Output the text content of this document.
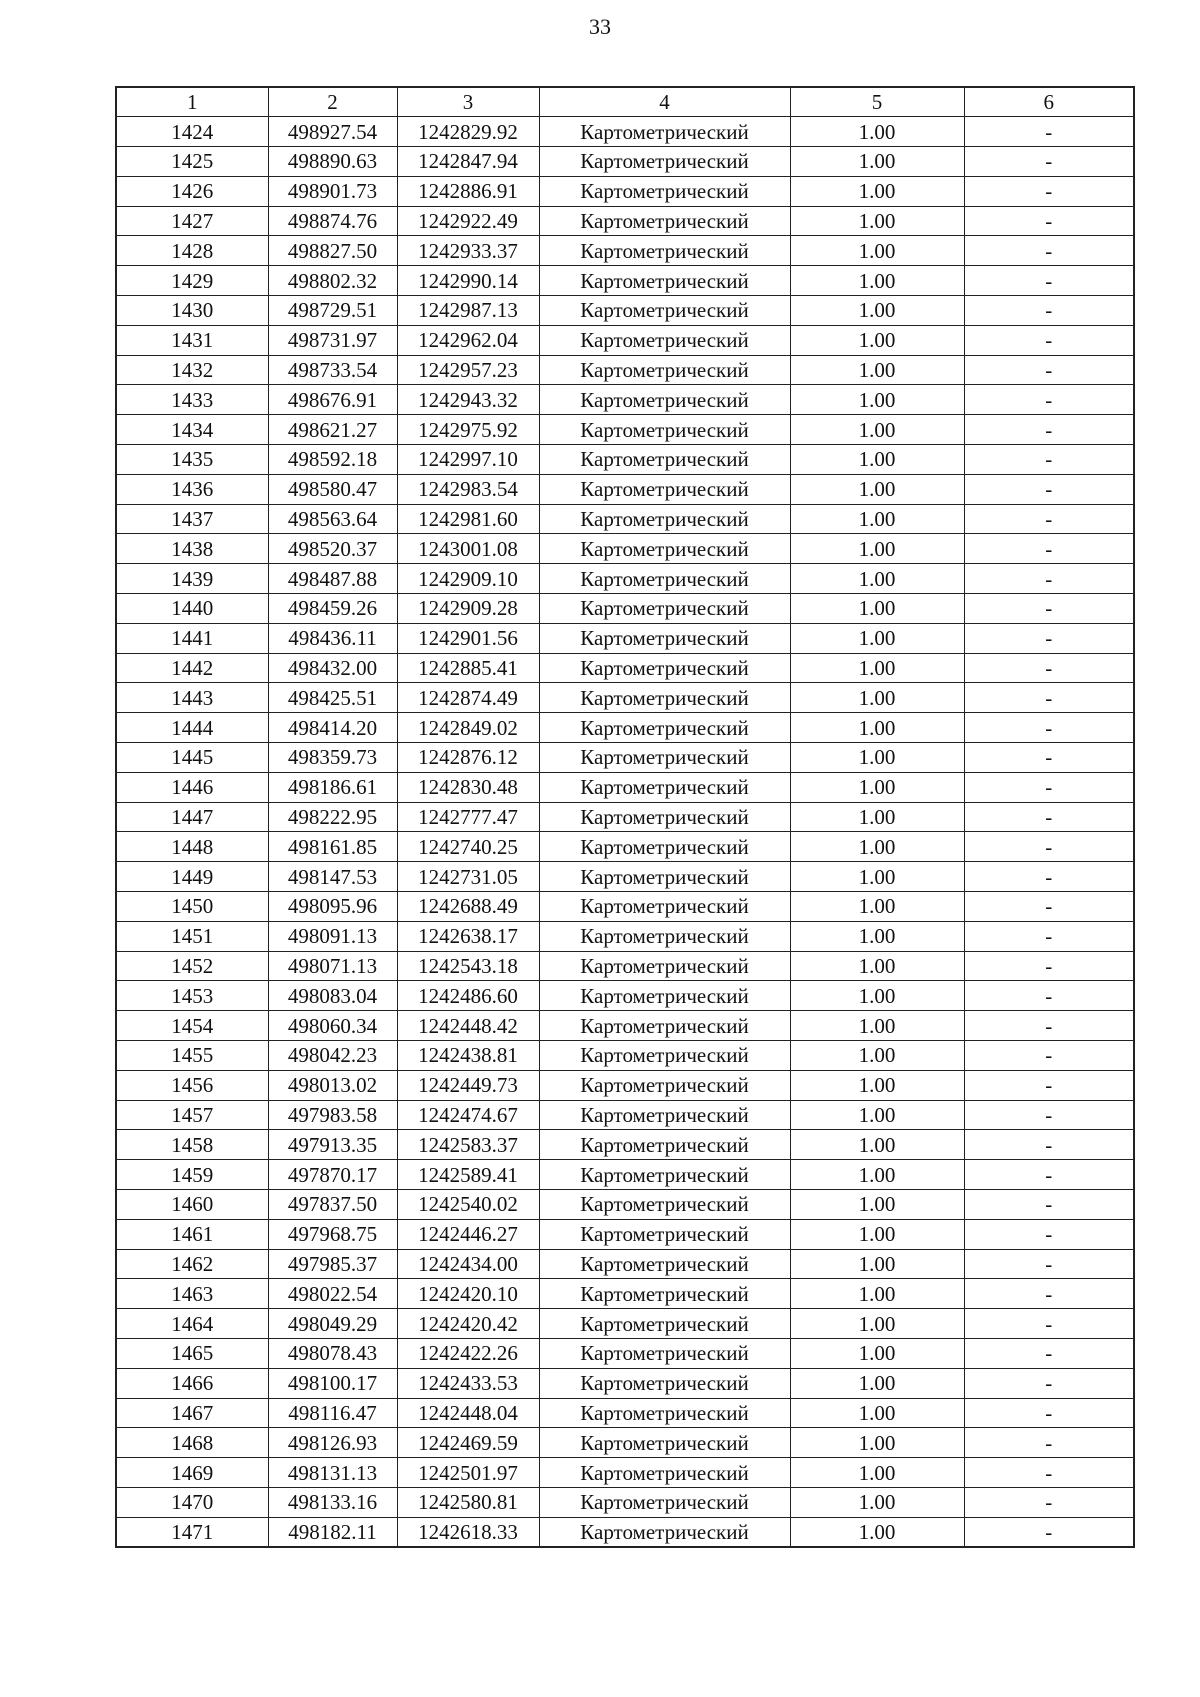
33
1	2	3	4	5	6
1424	498927.54	1242829.92	Картометрический	1.00	-
1425	498890.63	1242847.94	Картометрический	1.00	-
1426	498901.73	1242886.91	Картометрический	1.00	-
1427	498874.76	1242922.49	Картометрический	1.00	-
1428	498827.50	1242933.37	Картометрический	1.00	-
1429	498802.32	1242990.14	Картометрический	1.00	-
1430	498729.51	1242987.13	Картометрический	1.00	-
1431	498731.97	1242962.04	Картометрический	1.00	-
1432	498733.54	1242957.23	Картометрический	1.00	-
1433	498676.91	1242943.32	Картометрический	1.00	-
1434	498621.27	1242975.92	Картометрический	1.00	-
1435	498592.18	1242997.10	Картометрический	1.00	-
1436	498580.47	1242983.54	Картометрический	1.00	-
1437	498563.64	1242981.60	Картометрический	1.00	-
1438	498520.37	1243001.08	Картометрический	1.00	-
1439	498487.88	1242909.10	Картометрический	1.00	-
1440	498459.26	1242909.28	Картометрический	1.00	-
1441	498436.11	1242901.56	Картометрический	1.00	-
1442	498432.00	1242885.41	Картометрический	1.00	-
1443	498425.51	1242874.49	Картометрический	1.00	-
1444	498414.20	1242849.02	Картометрический	1.00	-
1445	498359.73	1242876.12	Картометрический	1.00	-
1446	498186.61	1242830.48	Картометрический	1.00	-
1447	498222.95	1242777.47	Картометрический	1.00	-
1448	498161.85	1242740.25	Картометрический	1.00	-
1449	498147.53	1242731.05	Картометрический	1.00	-
1450	498095.96	1242688.49	Картометрический	1.00	-
1451	498091.13	1242638.17	Картометрический	1.00	-
1452	498071.13	1242543.18	Картометрический	1.00	-
1453	498083.04	1242486.60	Картометрический	1.00	-
1454	498060.34	1242448.42	Картометрический	1.00	-
1455	498042.23	1242438.81	Картометрический	1.00	-
1456	498013.02	1242449.73	Картометрический	1.00	-
1457	497983.58	1242474.67	Картометрический	1.00	-
1458	497913.35	1242583.37	Картометрический	1.00	-
1459	497870.17	1242589.41	Картометрический	1.00	-
1460	497837.50	1242540.02	Картометрический	1.00	-
1461	497968.75	1242446.27	Картометрический	1.00	-
1462	497985.37	1242434.00	Картометрический	1.00	-
1463	498022.54	1242420.10	Картометрический	1.00	-
1464	498049.29	1242420.42	Картометрический	1.00	-
1465	498078.43	1242422.26	Картометрический	1.00	-
1466	498100.17	1242433.53	Картометрический	1.00	-
1467	498116.47	1242448.04	Картометрический	1.00	-
1468	498126.93	1242469.59	Картометрический	1.00	-
1469	498131.13	1242501.97	Картометрический	1.00	-
1470	498133.16	1242580.81	Картометрический	1.00	-
1471	498182.11	1242618.33	Картометрический	1.00	-
